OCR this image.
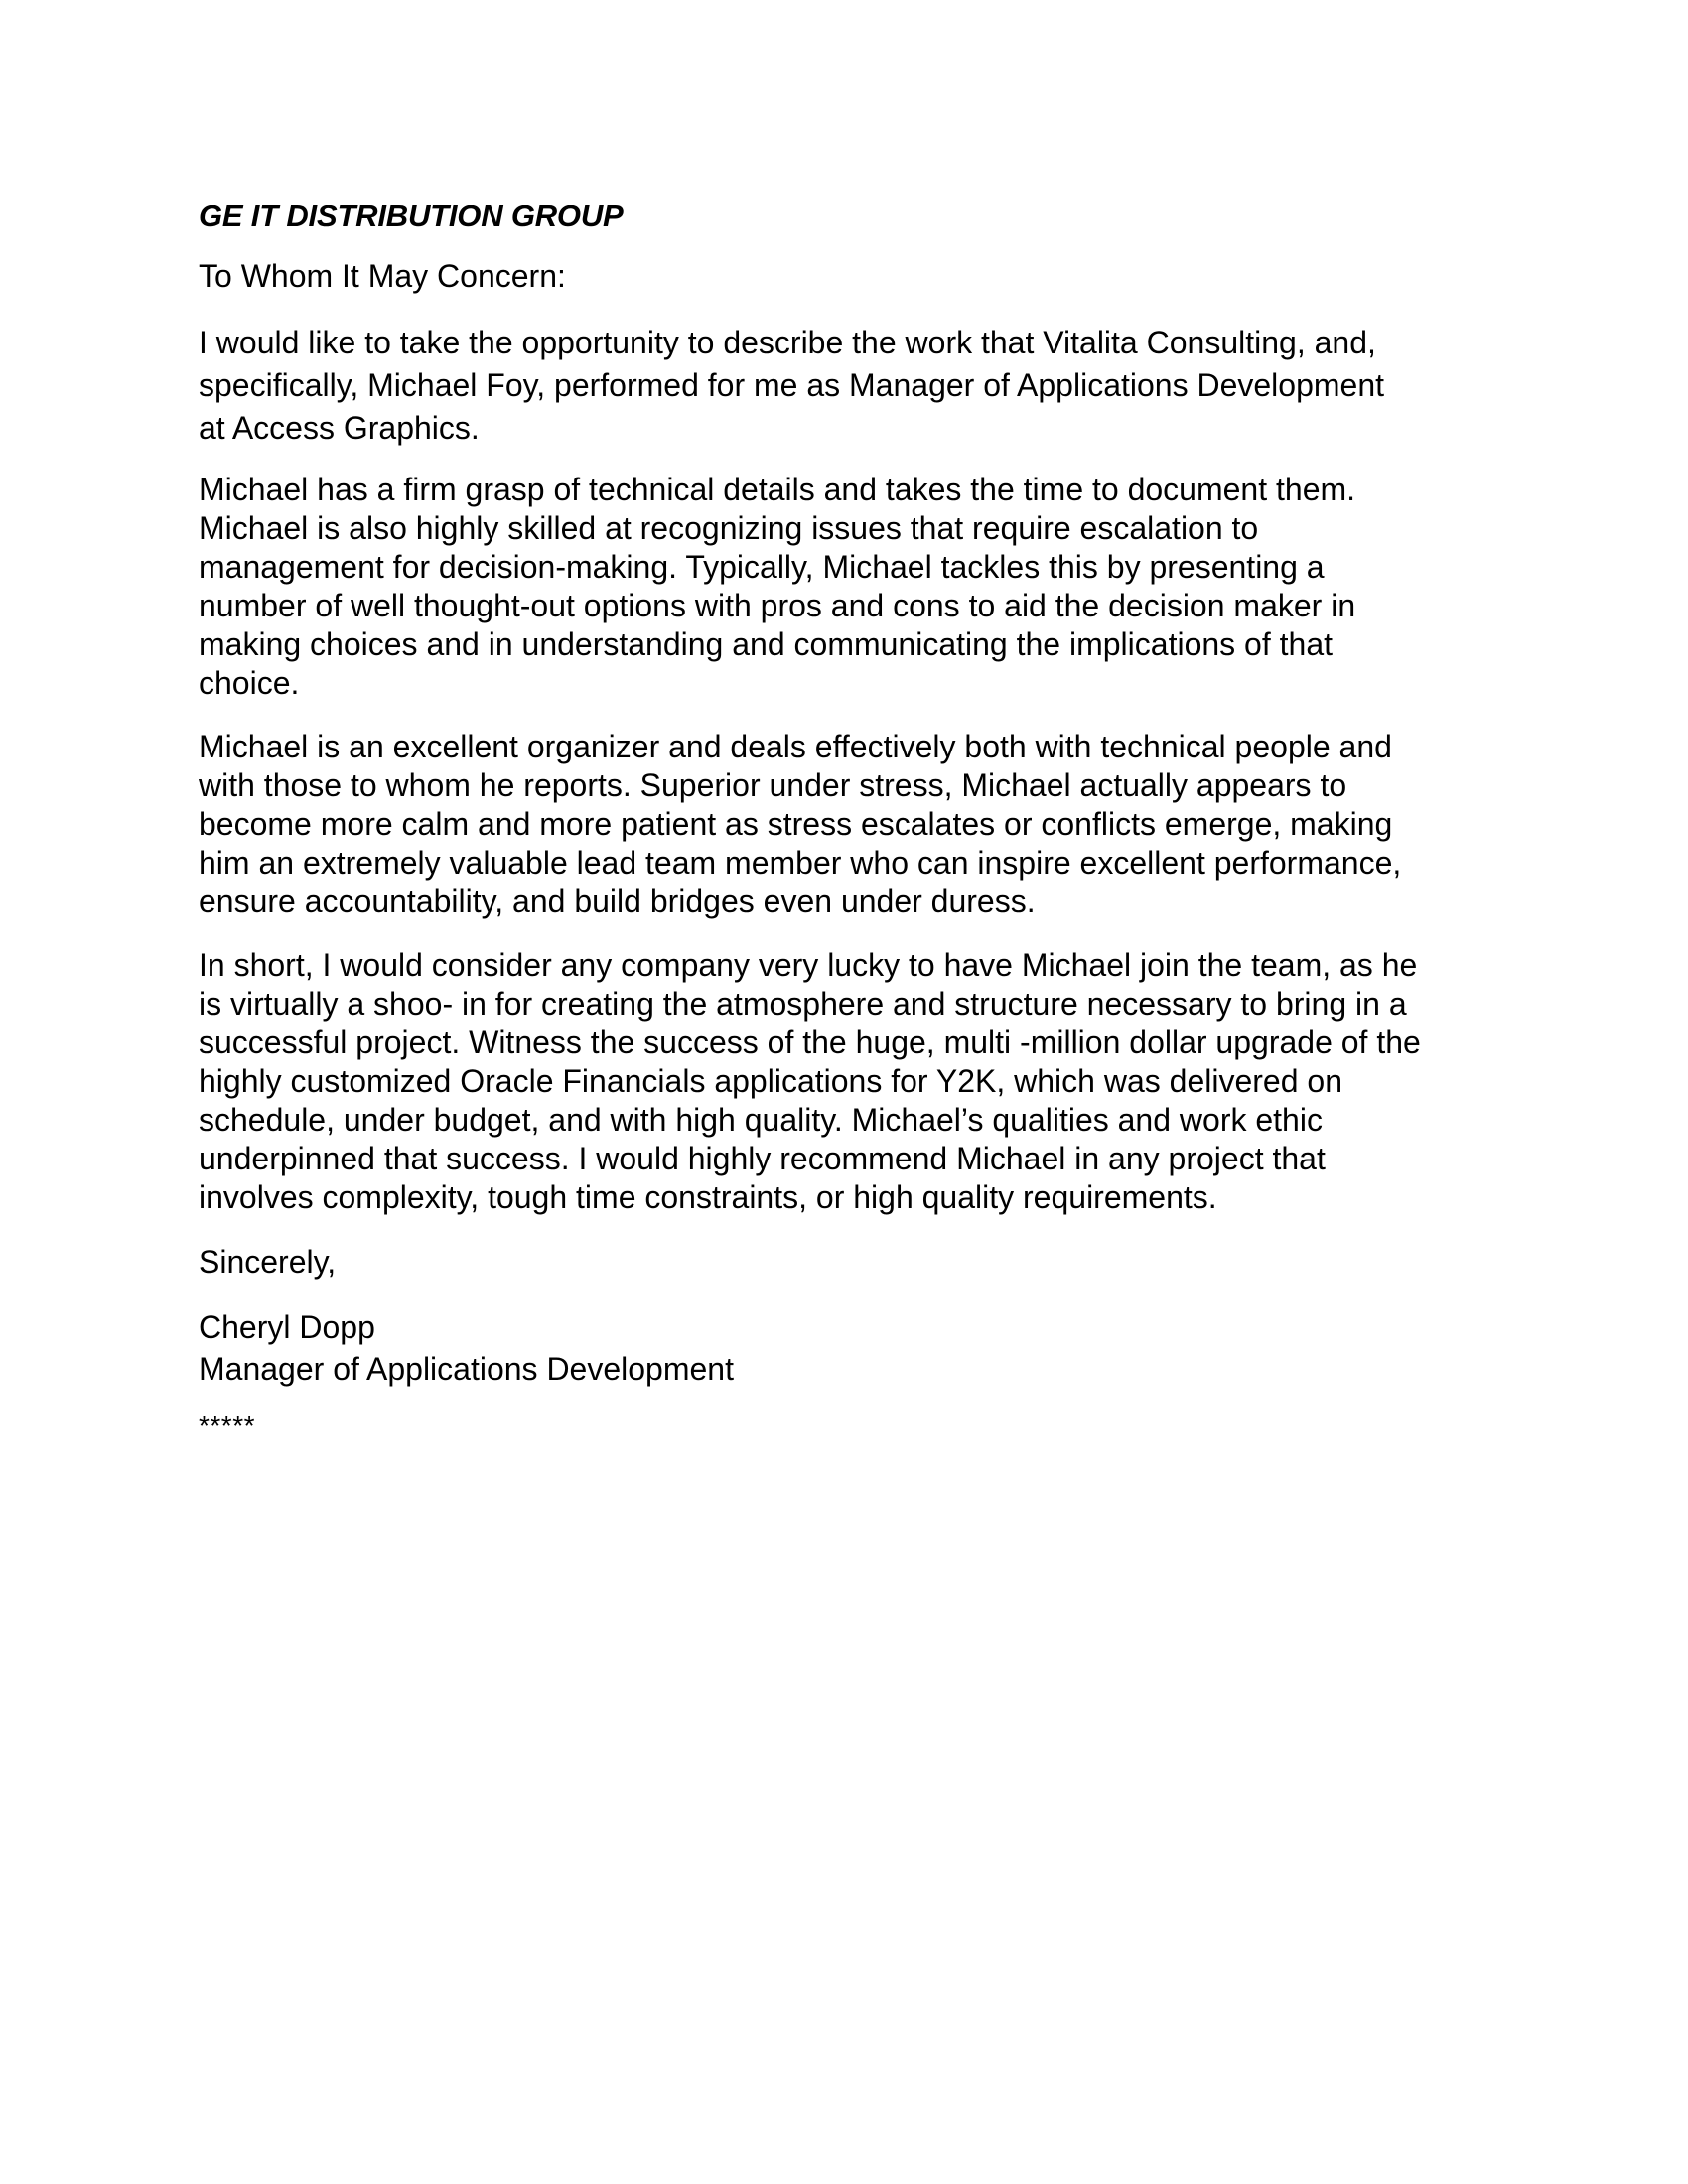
GE IT DISTRIBUTION GROUP
To Whom It May Concern:
I would like to take the opportunity to describe the work that Vitalita Consulting, and,
specifically, Michael Foy, performed for me as Manager of Applications Development
at Access Graphics.
Michael has a firm grasp of technical details and takes the time to document them.
Michael is also highly skilled at recognizing issues that require escalation to
management for decision-making. Typically, Michael tackles this by presenting a
number of well thought-out options with pros and cons to aid the decision maker in
making choices and in understanding and communicating the implications of that
choice.
Michael is an excellent organizer and deals effectively both with technical people and
with those to whom he reports. Superior under stress, Michael actually appears to
become more calm and more patient as stress escalates or conflicts emerge, making
him an extremely valuable lead team member who can inspire excellent performance,
ensure accountability, and build bridges even under duress.
In short, I would consider any company very lucky to have Michael join the team, as he
is virtually a shoo- in for creating the atmosphere and structure necessary to bring in a
successful project. Witness the success of the huge, multi -million dollar upgrade of the
highly customized Oracle Financials applications for Y2K, which was delivered on
schedule, under budget, and with high quality. Michael’s qualities and work ethic
underpinned that success. I would highly recommend Michael in any project that
involves complexity, tough time constraints, or high quality requirements.
Sincerely,
Cheryl Dopp
Manager of Applications Development
*****
